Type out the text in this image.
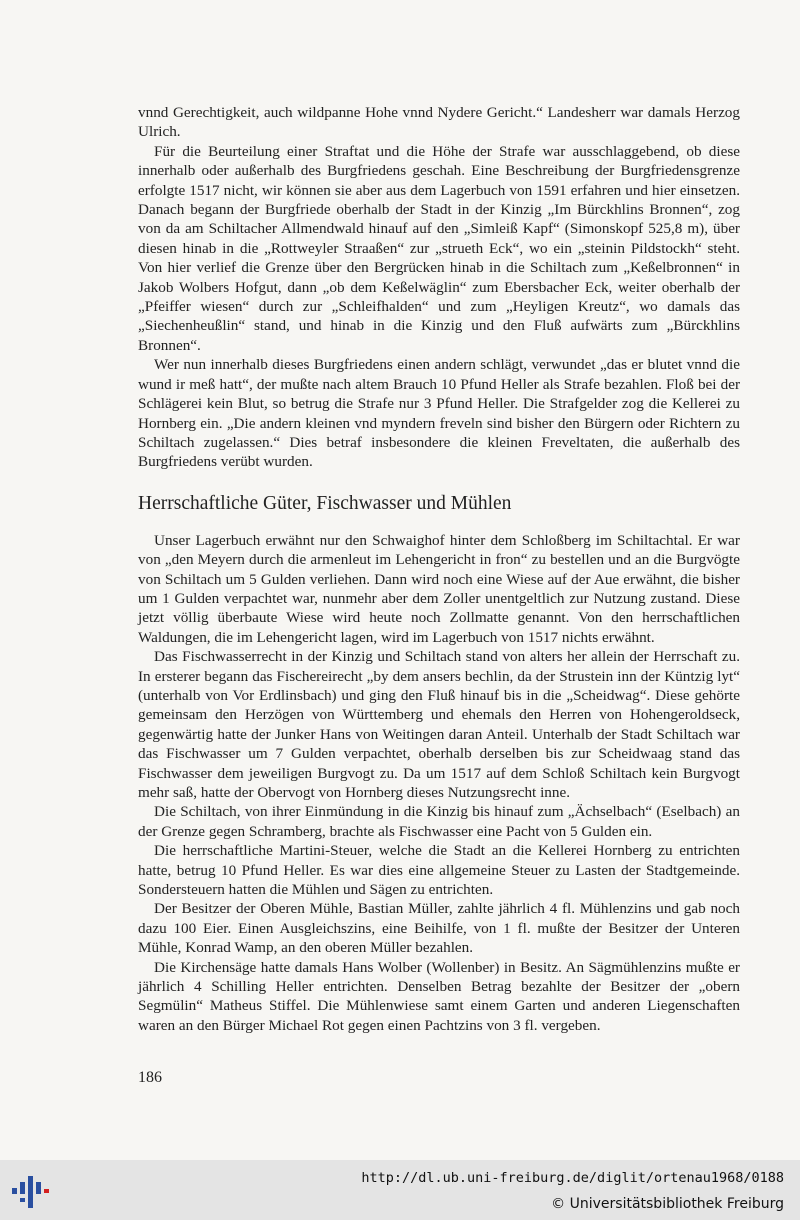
vnnd Gerechtigkeit, auch wildpanne Hohe vnnd Nydere Gericht.“ Landesherr war damals Herzog Ulrich.

Für die Beurteilung einer Straftat und die Höhe der Strafe war ausschlaggebend, ob diese innerhalb oder außerhalb des Burgfriedens geschah. Eine Beschreibung der Burgfriedensgrenze erfolgte 1517 nicht, wir können sie aber aus dem Lagerbuch von 1591 erfahren und hier einsetzen. Danach begann der Burgfriede oberhalb der Stadt in der Kinzig „Im Bürckhlins Bronnen“, zog von da am Schiltacher Allmendwald hinauf auf den „Simleiß Kapf“ (Simonskopf 525,8 m), über diesen hinab in die „Rottweyler Straaßen“ zur „strueth Eck“, wo ein „steinin Pildstockh“ steht. Von hier verlief die Grenze über den Bergrücken hinab in die Schiltach zum „Keßelbronnen“ in Jakob Wolbers Hofgut, dann „ob dem Keßelwäglin“ zum Ebersbacher Eck, weiter oberhalb der „Pfeiffer wiesen“ durch zur „Schleifhalden“ und zum „Heyligen Kreutz“, wo damals das „Siechenheußlin“ stand, und hinab in die Kinzig und den Fluß aufwärts zum „Bürckhlins Bronnen“.

Wer nun innerhalb dieses Burgfriedens einen andern schlägt, verwundet „das er blutet vnnd die wund ir meß hatt“, der mußte nach altem Brauch 10 Pfund Heller als Strafe bezahlen. Floß bei der Schlägerei kein Blut, so betrug die Strafe nur 3 Pfund Heller. Die Strafgelder zog die Kellerei zu Hornberg ein. „Die andern kleinen vnd myndern freveln sind bisher den Bürgern oder Richtern zu Schiltach zugelassen.“ Dies betraf insbesondere die kleinen Freveltaten, die außerhalb des Burgfriedens verübt wurden.

Herrschaftliche Güter, Fischwasser und Mühlen

Unser Lagerbuch erwähnt nur den Schwaighof hinter dem Schloßberg im Schiltachtal. Er war von „den Meyern durch die armenleut im Lehengericht in fron“ zu bestellen und an die Burgvögte von Schiltach um 5 Gulden verliehen. Dann wird noch eine Wiese auf der Aue erwähnt, die bisher um 1 Gulden verpachtet war, nunmehr aber dem Zoller unentgeltlich zur Nutzung zustand. Diese jetzt völlig überbaute Wiese wird heute noch Zollmatte genannt. Von den herrschaftlichen Waldungen, die im Lehengericht lagen, wird im Lagerbuch von 1517 nichts erwähnt.

Das Fischwasserrecht in der Kinzig und Schiltach stand von alters her allein der Herrschaft zu. In ersterer begann das Fischereirecht „by dem ansers bechlin, da der Strustein inn der Küntzig lyt“ (unterhalb von Vor Erdlinsbach) und ging den Fluß hinauf bis in die „Scheidwag“. Diese gehörte gemeinsam den Herzögen von Württemberg und ehemals den Herren von Hohengeroldseck, gegenwärtig hatte der Junker Hans von Weitingen daran Anteil. Unterhalb der Stadt Schiltach war das Fischwasser um 7 Gulden verpachtet, oberhalb derselben bis zur Scheidwaag stand das Fischwasser dem jeweiligen Burgvogt zu. Da um 1517 auf dem Schloß Schiltach kein Burgvogt mehr saß, hatte der Obervogt von Hornberg dieses Nutzungsrecht inne.

Die Schiltach, von ihrer Einmündung in die Kinzig bis hinauf zum „Ächselbach“ (Eselbach) an der Grenze gegen Schramberg, brachte als Fischwasser eine Pacht von 5 Gulden ein.

Die herrschaftliche Martini-Steuer, welche die Stadt an die Kellerei Hornberg zu entrichten hatte, betrug 10 Pfund Heller. Es war dies eine allgemeine Steuer zu Lasten der Stadtgemeinde. Sondersteuern hatten die Mühlen und Sägen zu entrichten.

Der Besitzer der Oberen Mühle, Bastian Müller, zahlte jährlich 4 fl. Mühlenzins und gab noch dazu 100 Eier. Einen Ausgleichszins, eine Beihilfe, von 1 fl. mußte der Besitzer der Unteren Mühle, Konrad Wamp, an den oberen Müller bezahlen.

Die Kirchensäge hatte damals Hans Wolber (Wollenber) in Besitz. An Sägmühlenzins mußte er jährlich 4 Schilling Heller entrichten. Denselben Betrag bezahlte der Besitzer der „obern Segmülin“ Matheus Stiffel. Die Mühlenwiese samt einem Garten und anderen Liegenschaften waren an den Bürger Michael Rot gegen einen Pachtzins von 3 fl. vergeben.

186
http://dl.ub.uni-freiburg.de/diglit/ortenau1968/0188
© Universitätsbibliothek Freiburg
